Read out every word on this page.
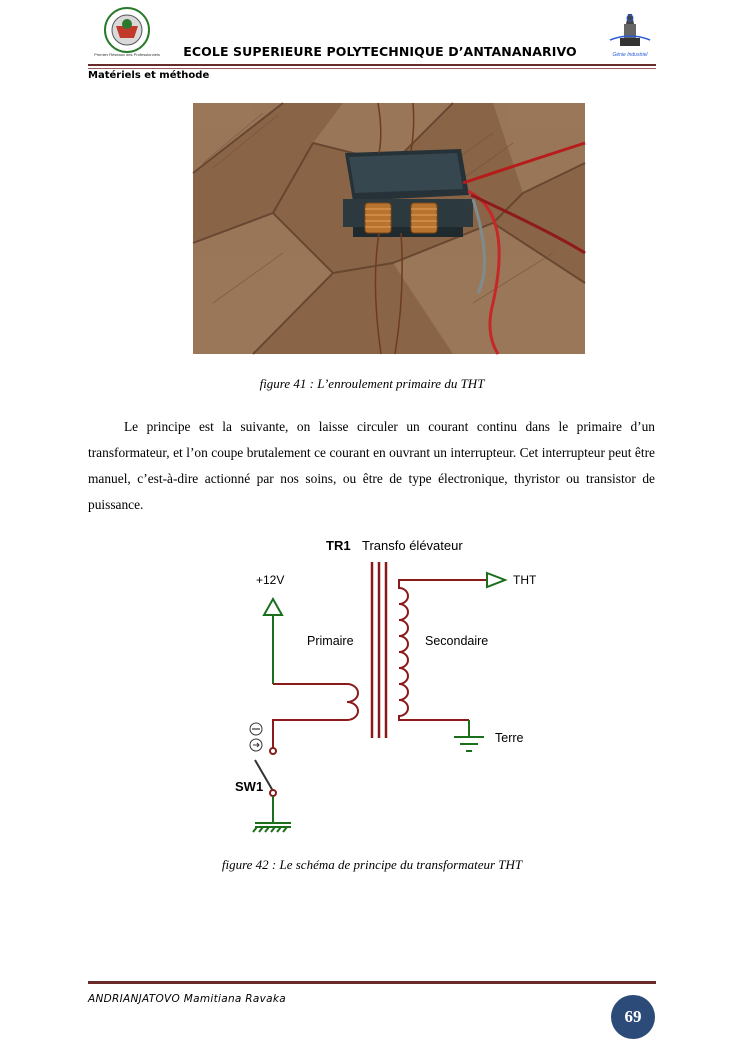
Premier Réseaux des Professionnels	Génie Industriel
ECOLE SUPERIEURE POLYTECHNIQUE D’ANTANANARIVO
Matériels et méthode
figure 41 : L’enroulement primaire du THT
Le principe est la suivante, on laisse circuler un courant continu dans le primaire d’un transformateur, et l’on coupe brutalement ce courant en ouvrant un interrupteur. Cet interrupteur peut être manuel, c’est-à-dire actionné par nos soins, ou être de type électronique, thyristor ou transistor de puissance.
TR1 Transfo élévateur
+12V	THT
Primaire	Secondaire
Terre
SW1
figure 42 : Le schéma de principe du transformateur THT
ANDRIANJATOVO Mamitiana Ravaka
69
